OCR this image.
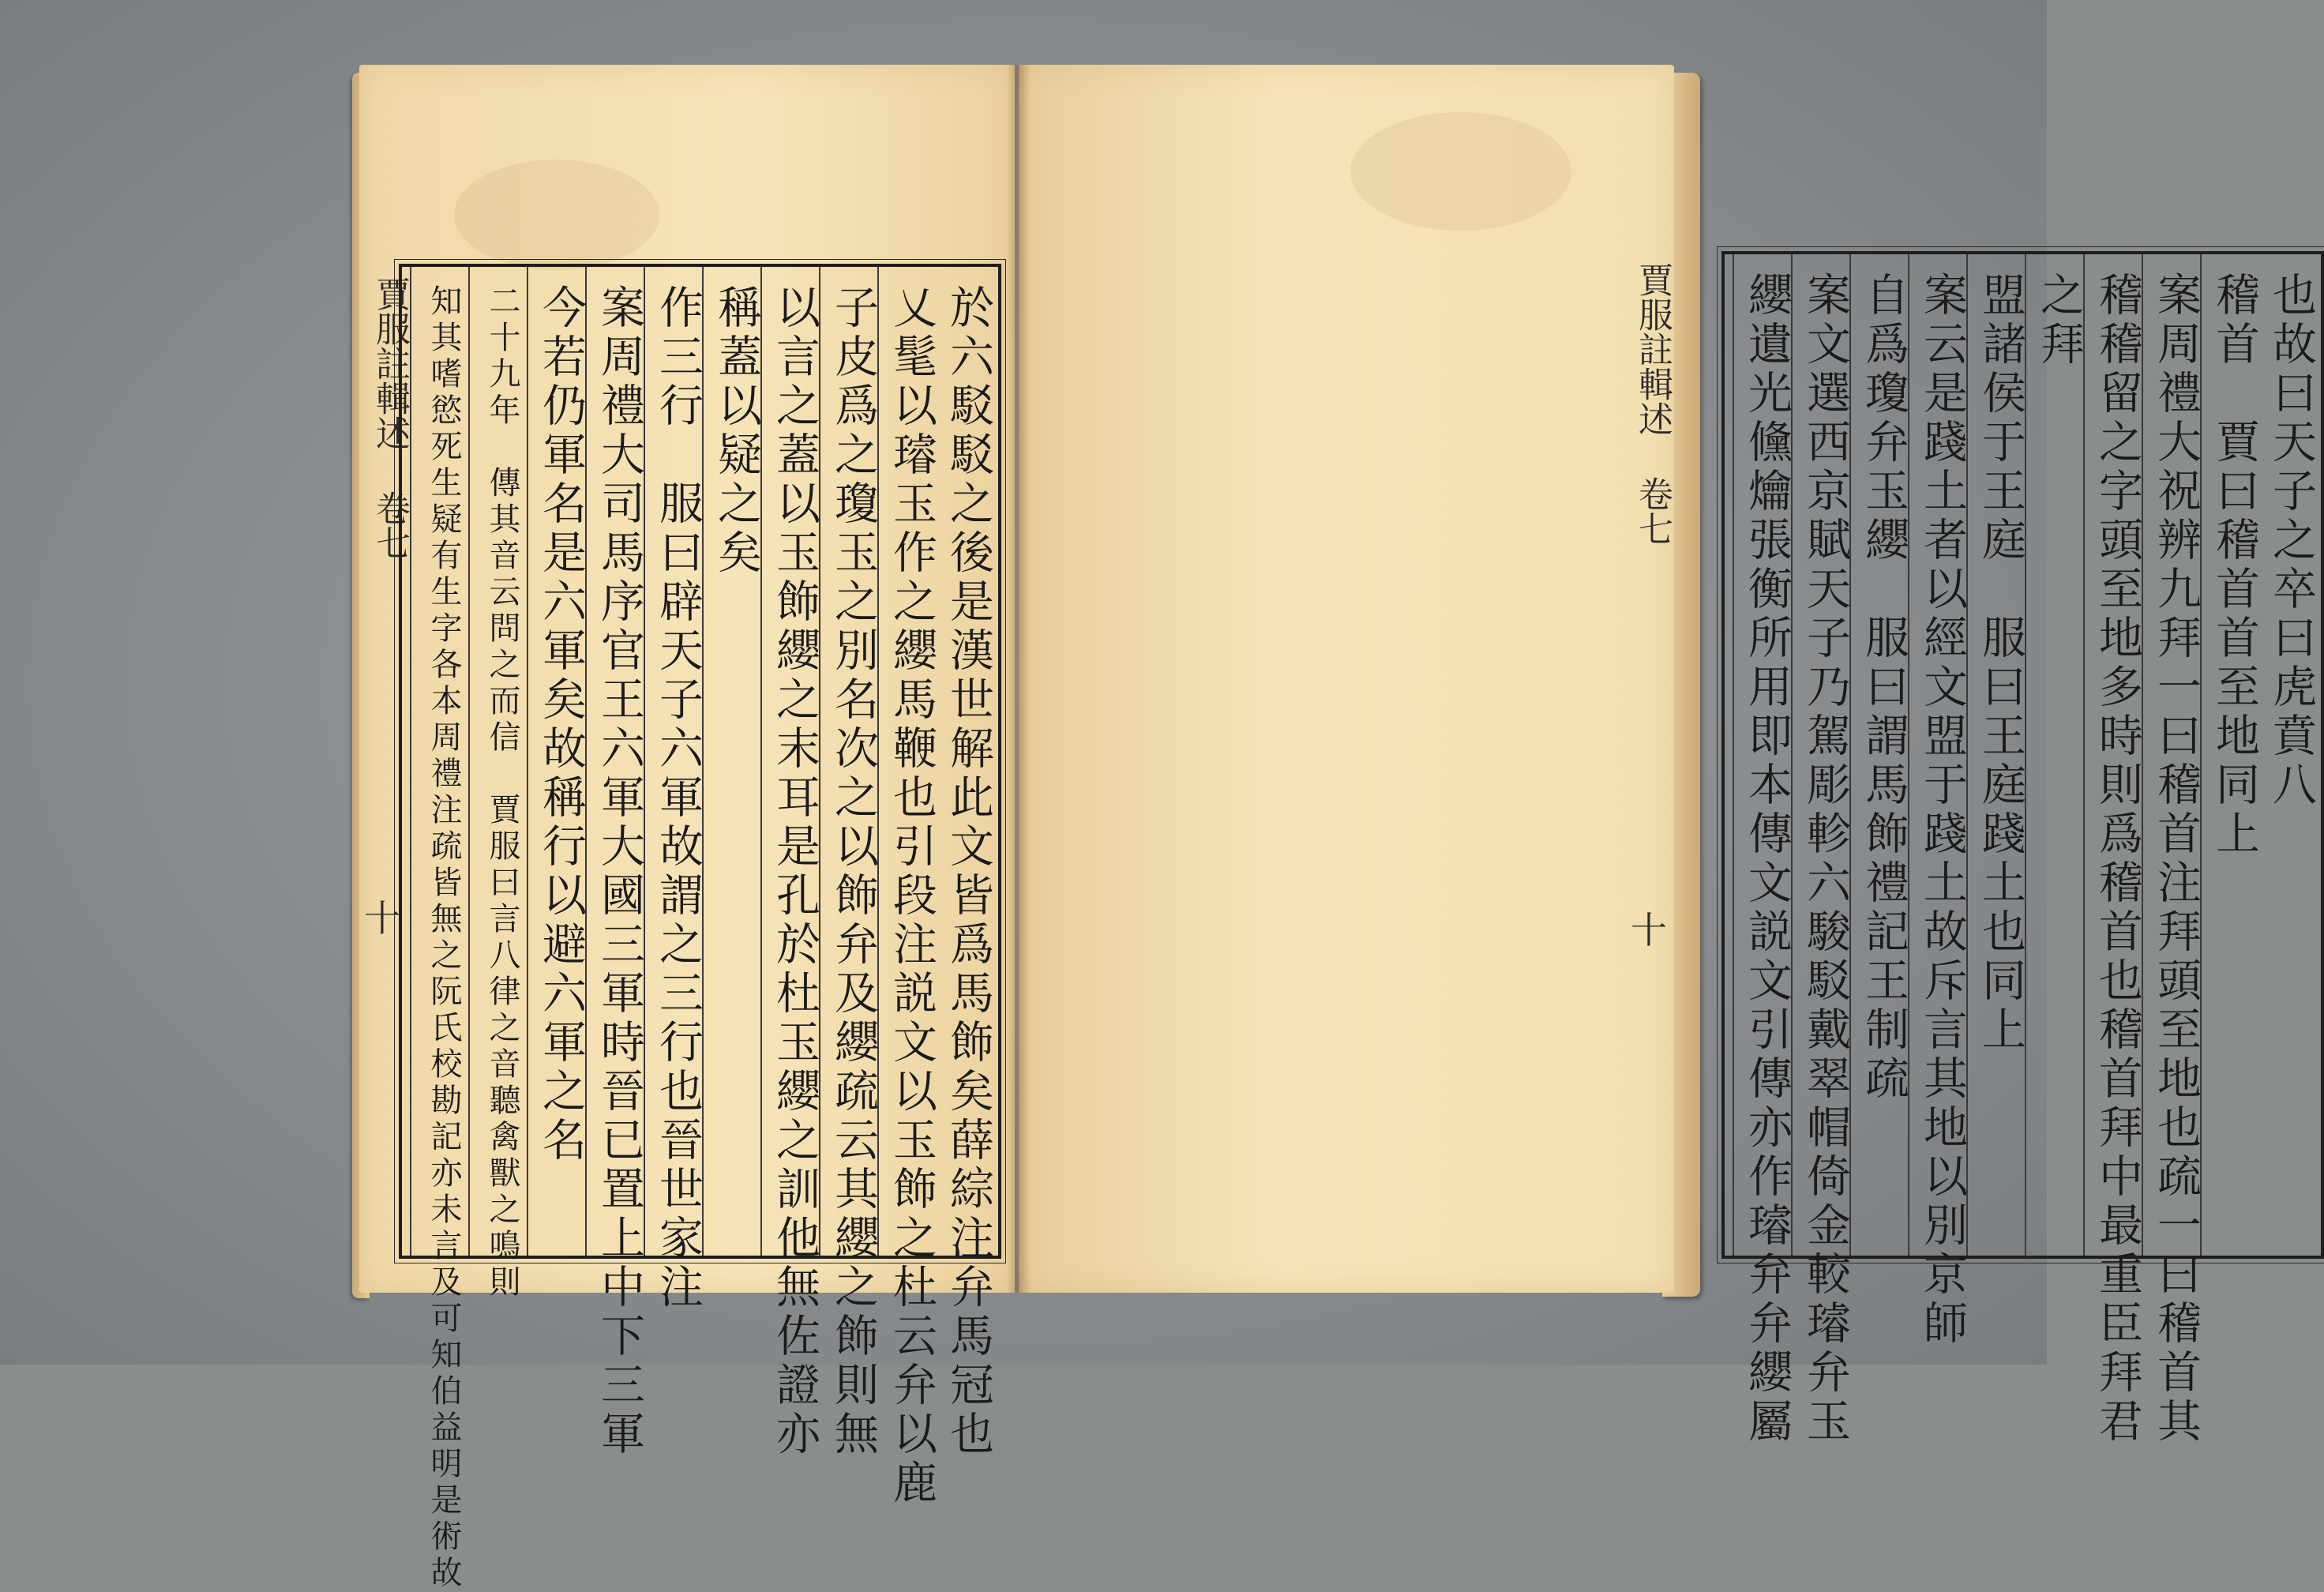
賈服註輯述 卷七
十	於六駁駁之後是漢世解此文皆爲馬飾矣薛綜注弁馬冠也
乂髦以璿玉作之纓馬鞭也引段注説文以玉飾之杜云弁以鹿
子皮爲之瓊玉之別名次之以飾弁及纓疏云其纓之飾則無
以言之蓋以玉飾纓之末耳是孔於杜玉纓之訓他無佐證亦
稱蓋以疑之矣
作三行　服曰辟天子六軍故謂之三行也晉世家注
案周禮大司馬序官王六軍大國三軍時晉已置上中下三軍
今若仍軍名是六軍矣故稱行以避六軍之名
二十九年　傳其音云問之而信　賈服曰言八律之音聽禽獸之鳴則
知其嗜慾死生疑有生字各本周禮注疏皆無之阮氏校勘記亦未言及可知伯益明是術故	賈服註輯述 卷七
十
也故曰天子之卒曰虎賁八
稽首　賈曰稽首首至地同上
案周禮大祝辨九拜一曰稽首注拜頭至地也疏一曰稽首其
稽稽留之字頭至地多時則爲稽首也稽首拜中最重臣拜君
之拜
盟諸侯于王庭　服曰王庭踐土也同上
案云是踐土者以經文盟于踐土故斥言其地以別京師
自爲瓊弁玉纓　服曰謂馬飾禮記王制疏
案文選西京賦天子乃駕彫軫六駿駁戴翠帽倚金較璿弁玉
纓遺光儵爚張衡所用即本傳文説文引傳亦作璿弁弁纓屬
